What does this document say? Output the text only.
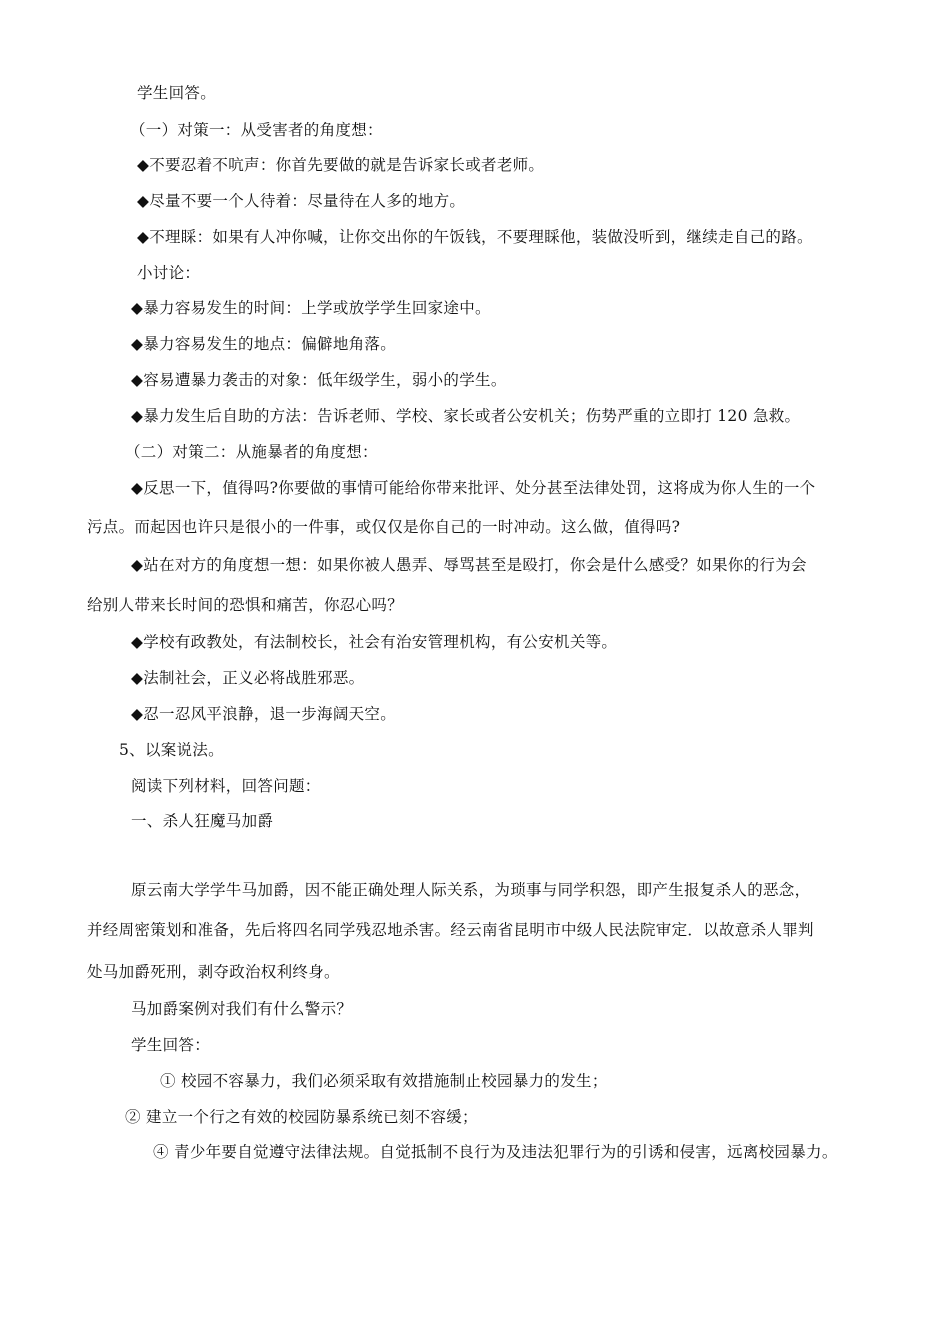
学生回答。
（一）对策一：从受害者的角度想：
◆不要忍着不吭声：你首先要做的就是告诉家长或者老师。
◆尽量不要一个人待着：尽量待在人多的地方。
◆不理睬：如果有人冲你喊，让你交出你的午饭钱，不要理睬他，装做没听到，继续走自己的路。
小讨论：
◆暴力容易发生的时间：上学或放学学生回家途中。
◆暴力容易发生的地点：偏僻地角落。
◆容易遭暴力袭击的对象：低年级学生，弱小的学生。
◆暴力发生后自助的方法：告诉老师、学校、家长或者公安机关；伤势严重的立即打 120 急救。
（二）对策二：从施暴者的角度想：
◆反思一下，值得吗?你要做的事情可能给你带来批评、处分甚至法律处罚，这将成为你人生的一个
污点。而起因也许只是很小的一件事，或仅仅是你自己的一时冲动。这么做，值得吗?
◆站在对方的角度想一想：如果你被人愚弄、辱骂甚至是殴打，你会是什么感受？如果你的行为会
给别人带来长时间的恐惧和痛苦，你忍心吗？
◆学校有政教处，有法制校长，社会有治安管理机构，有公安机关等。
◆法制社会，正义必将战胜邪恶。
◆忍一忍风平浪静，退一步海阔天空。
5、以案说法。
阅读下列材料，回答问题：
一、杀人狂魔马加爵
原云南大学学牛马加爵，因不能正确处理人际关系，为琐事与同学积怨，即产生报复杀人的恶念，
并经周密策划和准备，先后将四名同学残忍地杀害。经云南省昆明市中级人民法院审定．以故意杀人罪判
处马加爵死刑，剥夺政治权利终身。
马加爵案例对我们有什么警示？
学生回答：
① 校园不容暴力，我们必须采取有效措施制止校园暴力的发生；
② 建立一个行之有效的校园防暴系统已刻不容缓；
④ 青少年要自觉遵守法律法规。自觉抵制不良行为及违法犯罪行为的引诱和侵害，远离校园暴力。
